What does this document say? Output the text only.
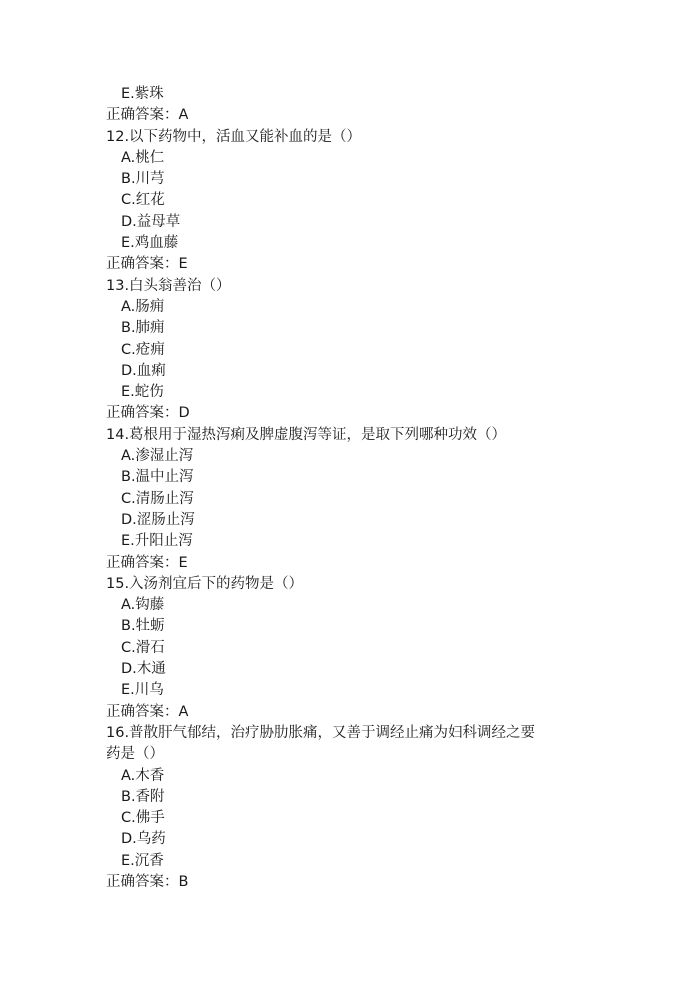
E.紫珠
正确答案：A
12.以下药物中，活血又能补血的是（）
A.桃仁
B.川芎
C.红花
D.益母草
E.鸡血藤
正确答案：E
13.白头翁善治（）
A.肠痈
B.肺痈
C.疮痈
D.血痢
E.蛇伤
正确答案：D
14.葛根用于湿热泻痢及脾虚腹泻等证，是取下列哪种功效（）
A.渗湿止泻
B.温中止泻
C.清肠止泻
D.涩肠止泻
E.升阳止泻
正确答案：E
15.入汤剂宜后下的药物是（）
A.钩藤
B.牡蛎
C.滑石
D.木通
E.川乌
正确答案：A
16.普散肝气郁结，治疗胁肋胀痛，又善于调经止痛为妇科调经之要
药是（）
A.木香
B.香附
C.佛手
D.乌药
E.沉香
正确答案：B
